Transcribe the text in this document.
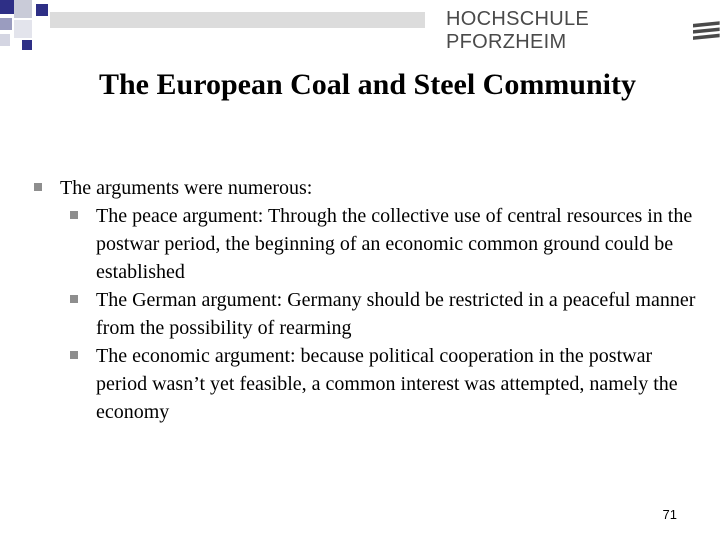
HOCHSCHULE PFORZHEIM
The European Coal and Steel Community
The arguments were numerous:
The peace argument: Through the collective use of central resources in the postwar period, the beginning of an economic common ground could be established
The German argument: Germany should be restricted in a peaceful manner from the possibility of rearming
The economic argument: because political cooperation in the postwar period wasn’t yet feasible, a common interest was attempted, namely the economy
71
